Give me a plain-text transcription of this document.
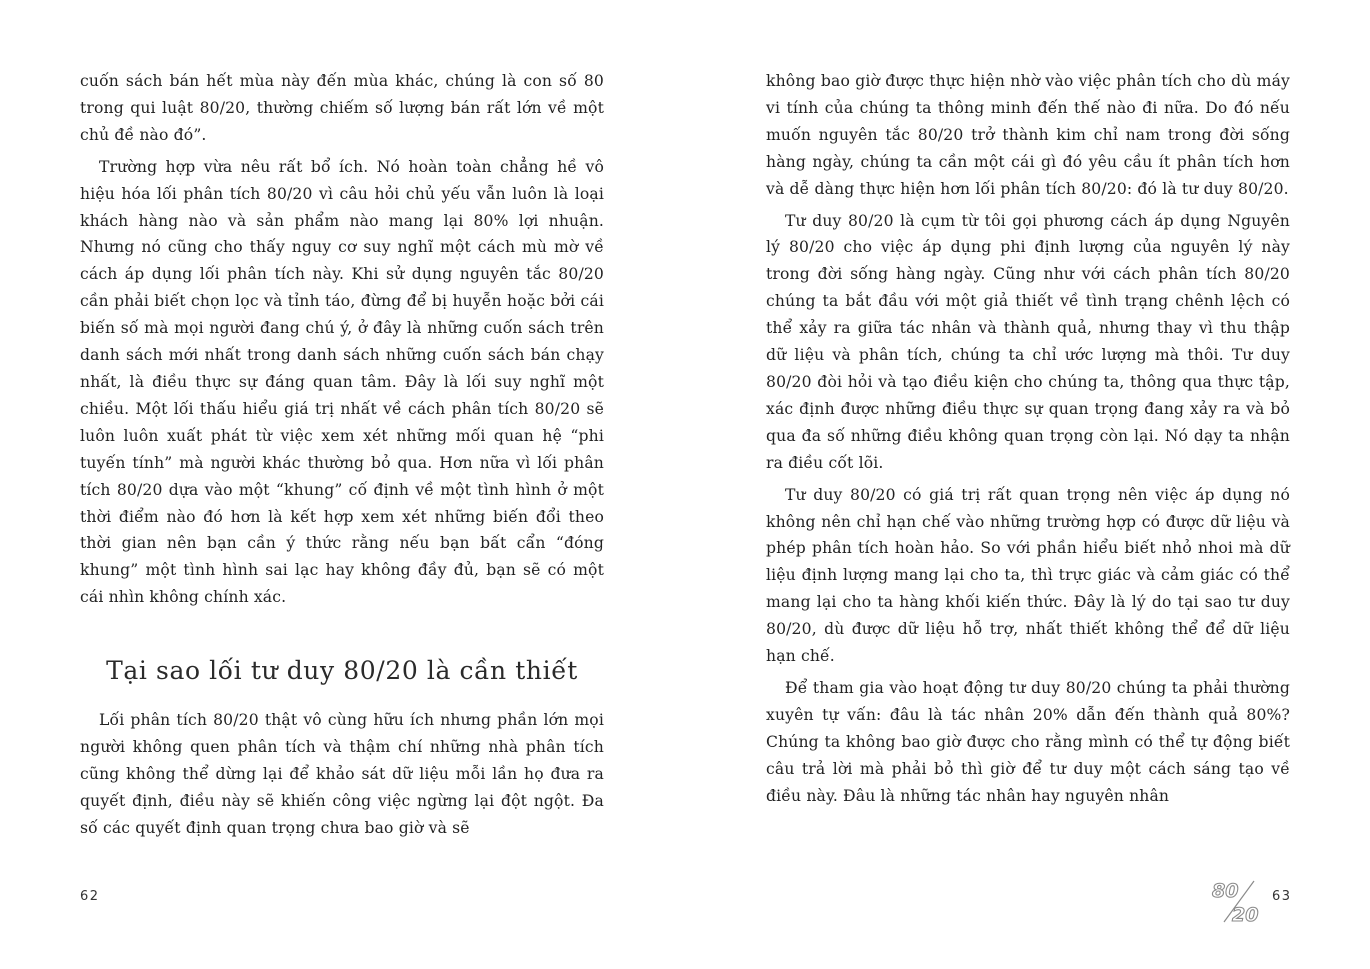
cuốn sách bán hết mùa này đến mùa khác, chúng là con số 80 trong qui luật 80/20, thường chiếm số lượng bán rất lớn về một chủ đề nào đó”.

Trường hợp vừa nêu rất bổ ích. Nó hoàn toàn chẳng hề vô hiệu hóa lối phân tích 80/20 vì câu hỏi chủ yếu vẫn luôn là loại khách hàng nào và sản phẩm nào mang lại 80% lợi nhuận. Nhưng nó cũng cho thấy nguy cơ suy nghĩ một cách mù mờ về cách áp dụng lối phân tích này. Khi sử dụng nguyên tắc 80/20 cần phải biết chọn lọc và tỉnh táo, đừng để bị huyễn hoặc bởi cái biến số mà mọi người đang chú ý, ở đây là những cuốn sách trên danh sách mới nhất trong danh sách những cuốn sách bán chạy nhất, là điều thực sự đáng quan tâm. Đây là lối suy nghĩ một chiều. Một lối thấu hiểu giá trị nhất về cách phân tích 80/20 sẽ luôn luôn xuất phát từ việc xem xét những mối quan hệ “phi tuyến tính” mà người khác thường bỏ qua. Hơn nữa vì lối phân tích 80/20 dựa vào một “khung” cố định về một tình hình ở một thời điểm nào đó hơn là kết hợp xem xét những biến đổi theo thời gian nên bạn cần ý thức rằng nếu bạn bất cẩn “đóng khung” một tình hình sai lạc hay không đầy đủ, bạn sẽ có một cái nhìn không chính xác.

Tại sao lối tư duy 80/20 là cần thiết

Lối phân tích 80/20 thật vô cùng hữu ích nhưng phần lớn mọi người không quen phân tích và thậm chí những nhà phân tích cũng không thể dừng lại để khảo sát dữ liệu mỗi lần họ đưa ra quyết định, điều này sẽ khiến công việc ngừng lại đột ngột. Đa số các quyết định quan trọng chưa bao giờ và sẽ

62

không bao giờ được thực hiện nhờ vào việc phân tích cho dù máy vi tính của chúng ta thông minh đến thế nào đi nữa. Do đó nếu muốn nguyên tắc 80/20 trở thành kim chỉ nam trong đời sống hàng ngày, chúng ta cần một cái gì đó yêu cầu ít phân tích hơn và dễ dàng thực hiện hơn lối phân tích 80/20: đó là tư duy 80/20.

Tư duy 80/20 là cụm từ tôi gọi phương cách áp dụng Nguyên lý 80/20 cho việc áp dụng phi định lượng của nguyên lý này trong đời sống hàng ngày. Cũng như với cách phân tích 80/20 chúng ta bắt đầu với một giả thiết về tình trạng chênh lệch có thể xảy ra giữa tác nhân và thành quả, nhưng thay vì thu thập dữ liệu và phân tích, chúng ta chỉ ước lượng mà thôi. Tư duy 80/20 đòi hỏi và tạo điều kiện cho chúng ta, thông qua thực tập, xác định được những điều thực sự quan trọng đang xảy ra và bỏ qua đa số những điều không quan trọng còn lại. Nó dạy ta nhận ra điều cốt lõi.

Tư duy 80/20 có giá trị rất quan trọng nên việc áp dụng nó không nên chỉ hạn chế vào những trường hợp có được dữ liệu và phép phân tích hoàn hảo. So với phần hiểu biết nhỏ nhoi mà dữ liệu định lượng mang lại cho ta, thì trực giác và cảm giác có thể mang lại cho ta hàng khối kiến thức. Đây là lý do tại sao tư duy 80/20, dù được dữ liệu hỗ trợ, nhất thiết không thể để dữ liệu hạn chế.

Để tham gia vào hoạt động tư duy 80/20 chúng ta phải thường xuyên tự vấn: đâu là tác nhân 20% dẫn đến thành quả 80%? Chúng ta không bao giờ được cho rằng mình có thể tự động biết câu trả lời mà phải bỏ thì giờ để tư duy một cách sáng tạo về điều này. Đâu là những tác nhân hay nguyên nhân

80
20
63
